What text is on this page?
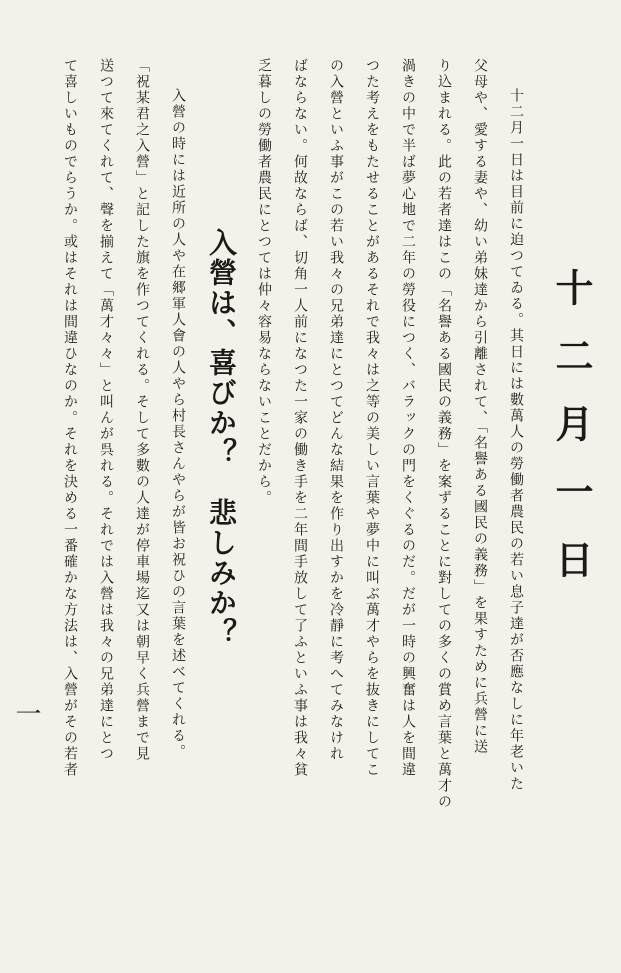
十二月一日
十二月一日は目前に迫つてゐる。其日には數萬人の勞働者農民の若い息子達が否應なしに年老いた
父母や、愛する妻や、幼い弟妹達から引離されて、「名譽ある國民の義務」を果すために兵營に送
り込まれる。此の若者達はこの「名譽ある國民の義務」を案ずることに對しての多くの賞め言葉と萬才の
渦きの中で半ば夢心地で二年の勞役につく、バラックの門をくぐるのだ。だが一時の興奮は人を間違
つた考えをもたせることがあるそれで我々は之等の美しい言葉や夢中に叫ぶ萬才やらを抜きにしてこ
の入營といふ事がこの若い我々の兄弟達にとつてどんな結果を作り出すかを冷靜に考へてみなけれ
ばならない。何故ならば、切角一人前になつた一家の働き手を二年間手放して了ふといふ事は我々貧
乏暮しの勞働者農民にとつては仲々容易ならないことだから。
入營は、喜びか？　悲しみか？
入營の時には近所の人や在郷軍人會の人やら村長さんやらが皆お祝ひの言葉を述べてくれる。
「祝某君之入營」と記した旗を作つてくれる。そして多數の人達が停車場迄又は朝早く兵營まで見
送つて來てくれて、聲を揃えて「萬才々々」と叫んが呉れる。それでは入營は我々の兄弟達にとつ
て喜しいものでらうか。或はそれは間違ひなのか。それを決める一番確かな方法は、入營がその若者
一
